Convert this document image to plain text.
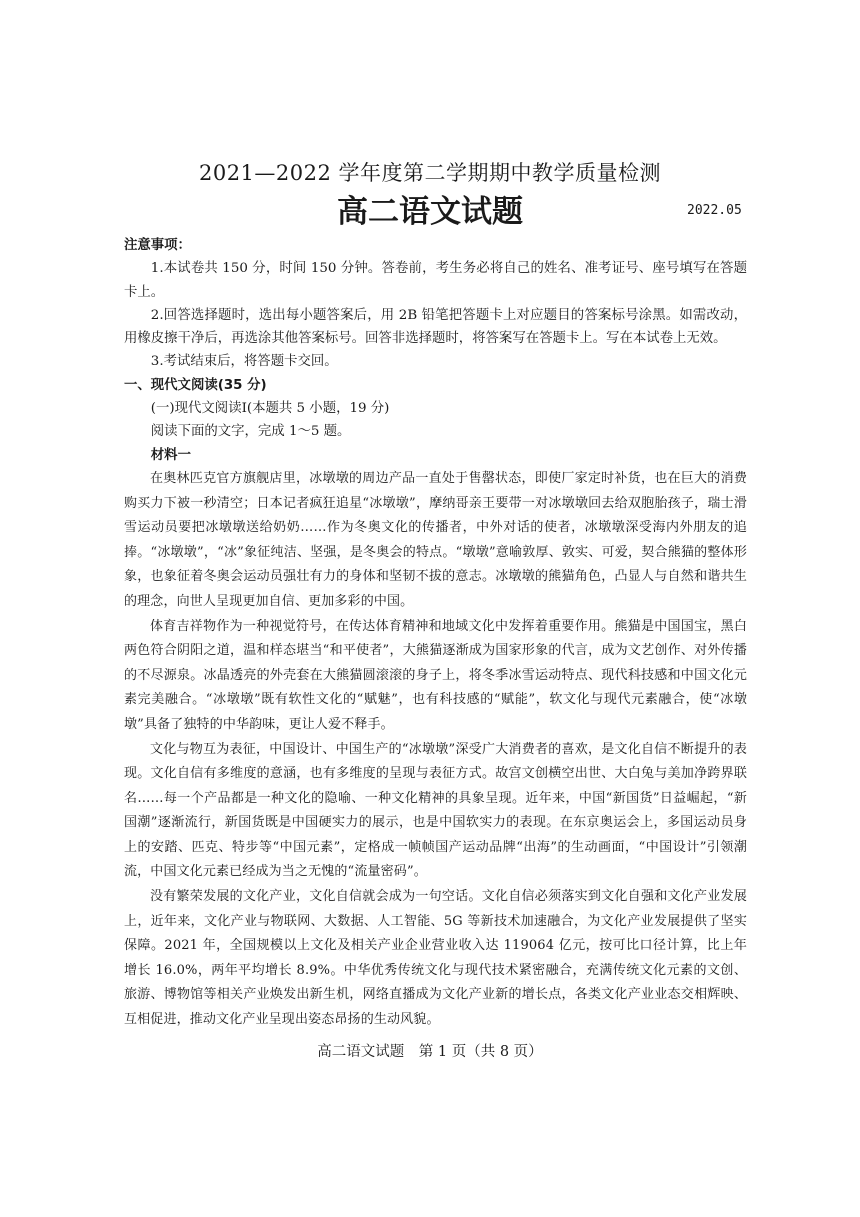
2021—2022 学年度第二学期期中教学质量检测
高二语文试题	2022.05

注意事项：

1.本试卷共 150 分，时间 150 分钟。答卷前，考生务必将自己的姓名、准考证号、座号填写在答题卡上。

2.回答选择题时，选出每小题答案后，用 2B 铅笔把答题卡上对应题目的答案标号涂黑。如需改动，用橡皮擦干净后，再选涂其他答案标号。回答非选择题时，将答案写在答题卡上。写在本试卷上无效。

3.考试结束后，将答题卡交回。

一、现代文阅读(35 分)

(一)现代文阅读Ⅰ(本题共 5 小题，19 分)

阅读下面的文字，完成 1～5 题。

材料一

在奥林匹克官方旗舰店里，冰墩墩的周边产品一直处于售罄状态，即使厂家定时补货，也在巨大的消费购买力下被一秒清空；日本记者疯狂追星“冰墩墩”，摩纳哥亲王要带一对冰墩墩回去给双胞胎孩子，瑞士滑雪运动员要把冰墩墩送给奶奶……作为冬奥文化的传播者，中外对话的使者，冰墩墩深受海内外朋友的追捧。“冰墩墩”，“冰”象征纯洁、坚强，是冬奥会的特点。“墩墩”意喻敦厚、敦实、可爱，契合熊猫的整体形象，也象征着冬奥会运动员强壮有力的身体和坚韧不拔的意志。冰墩墩的熊猫角色，凸显人与自然和谐共生的理念，向世人呈现更加自信、更加多彩的中国。

体育吉祥物作为一种视觉符号，在传达体育精神和地域文化中发挥着重要作用。熊猫是中国国宝，黑白两色符合阴阳之道，温和样态堪当“和平使者”，大熊猫逐渐成为国家形象的代言，成为文艺创作、对外传播的不尽源泉。冰晶透亮的外壳套在大熊猫圆滚滚的身子上，将冬季冰雪运动特点、现代科技感和中国文化元素完美融合。“冰墩墩”既有软性文化的“赋魅”，也有科技感的“赋能”，软文化与现代元素融合，使“冰墩墩”具备了独特的中华韵味，更让人爱不释手。

文化与物互为表征，中国设计、中国生产的“冰墩墩”深受广大消费者的喜欢，是文化自信不断提升的表现。文化自信有多维度的意涵，也有多维度的呈现与表征方式。故宫文创横空出世、大白兔与美加净跨界联名……每一个产品都是一种文化的隐喻、一种文化精神的具象呈现。近年来，中国“新国货”日益崛起，“新国潮”逐渐流行，新国货既是中国硬实力的展示，也是中国软实力的表现。在东京奥运会上，多国运动员身上的安踏、匹克、特步等“中国元素”，定格成一帧帧国产运动品牌“出海”的生动画面，“中国设计”引领潮流，中国文化元素已经成为当之无愧的“流量密码”。

没有繁荣发展的文化产业，文化自信就会成为一句空话。文化自信必须落实到文化自强和文化产业发展上，近年来，文化产业与物联网、大数据、人工智能、5G 等新技术加速融合，为文化产业发展提供了坚实保障。2021 年，全国规模以上文化及相关产业企业营业收入达 119064 亿元，按可比口径计算，比上年增长 16.0%，两年平均增长 8.9%。中华优秀传统文化与现代技术紧密融合，充满传统文化元素的文创、旅游、博物馆等相关产业焕发出新生机，网络直播成为文化产业新的增长点，各类文化产业业态交相辉映、互相促进，推动文化产业呈现出姿态昂扬的生动风貌。

高二语文试题　第 1 页（共 8 页）
